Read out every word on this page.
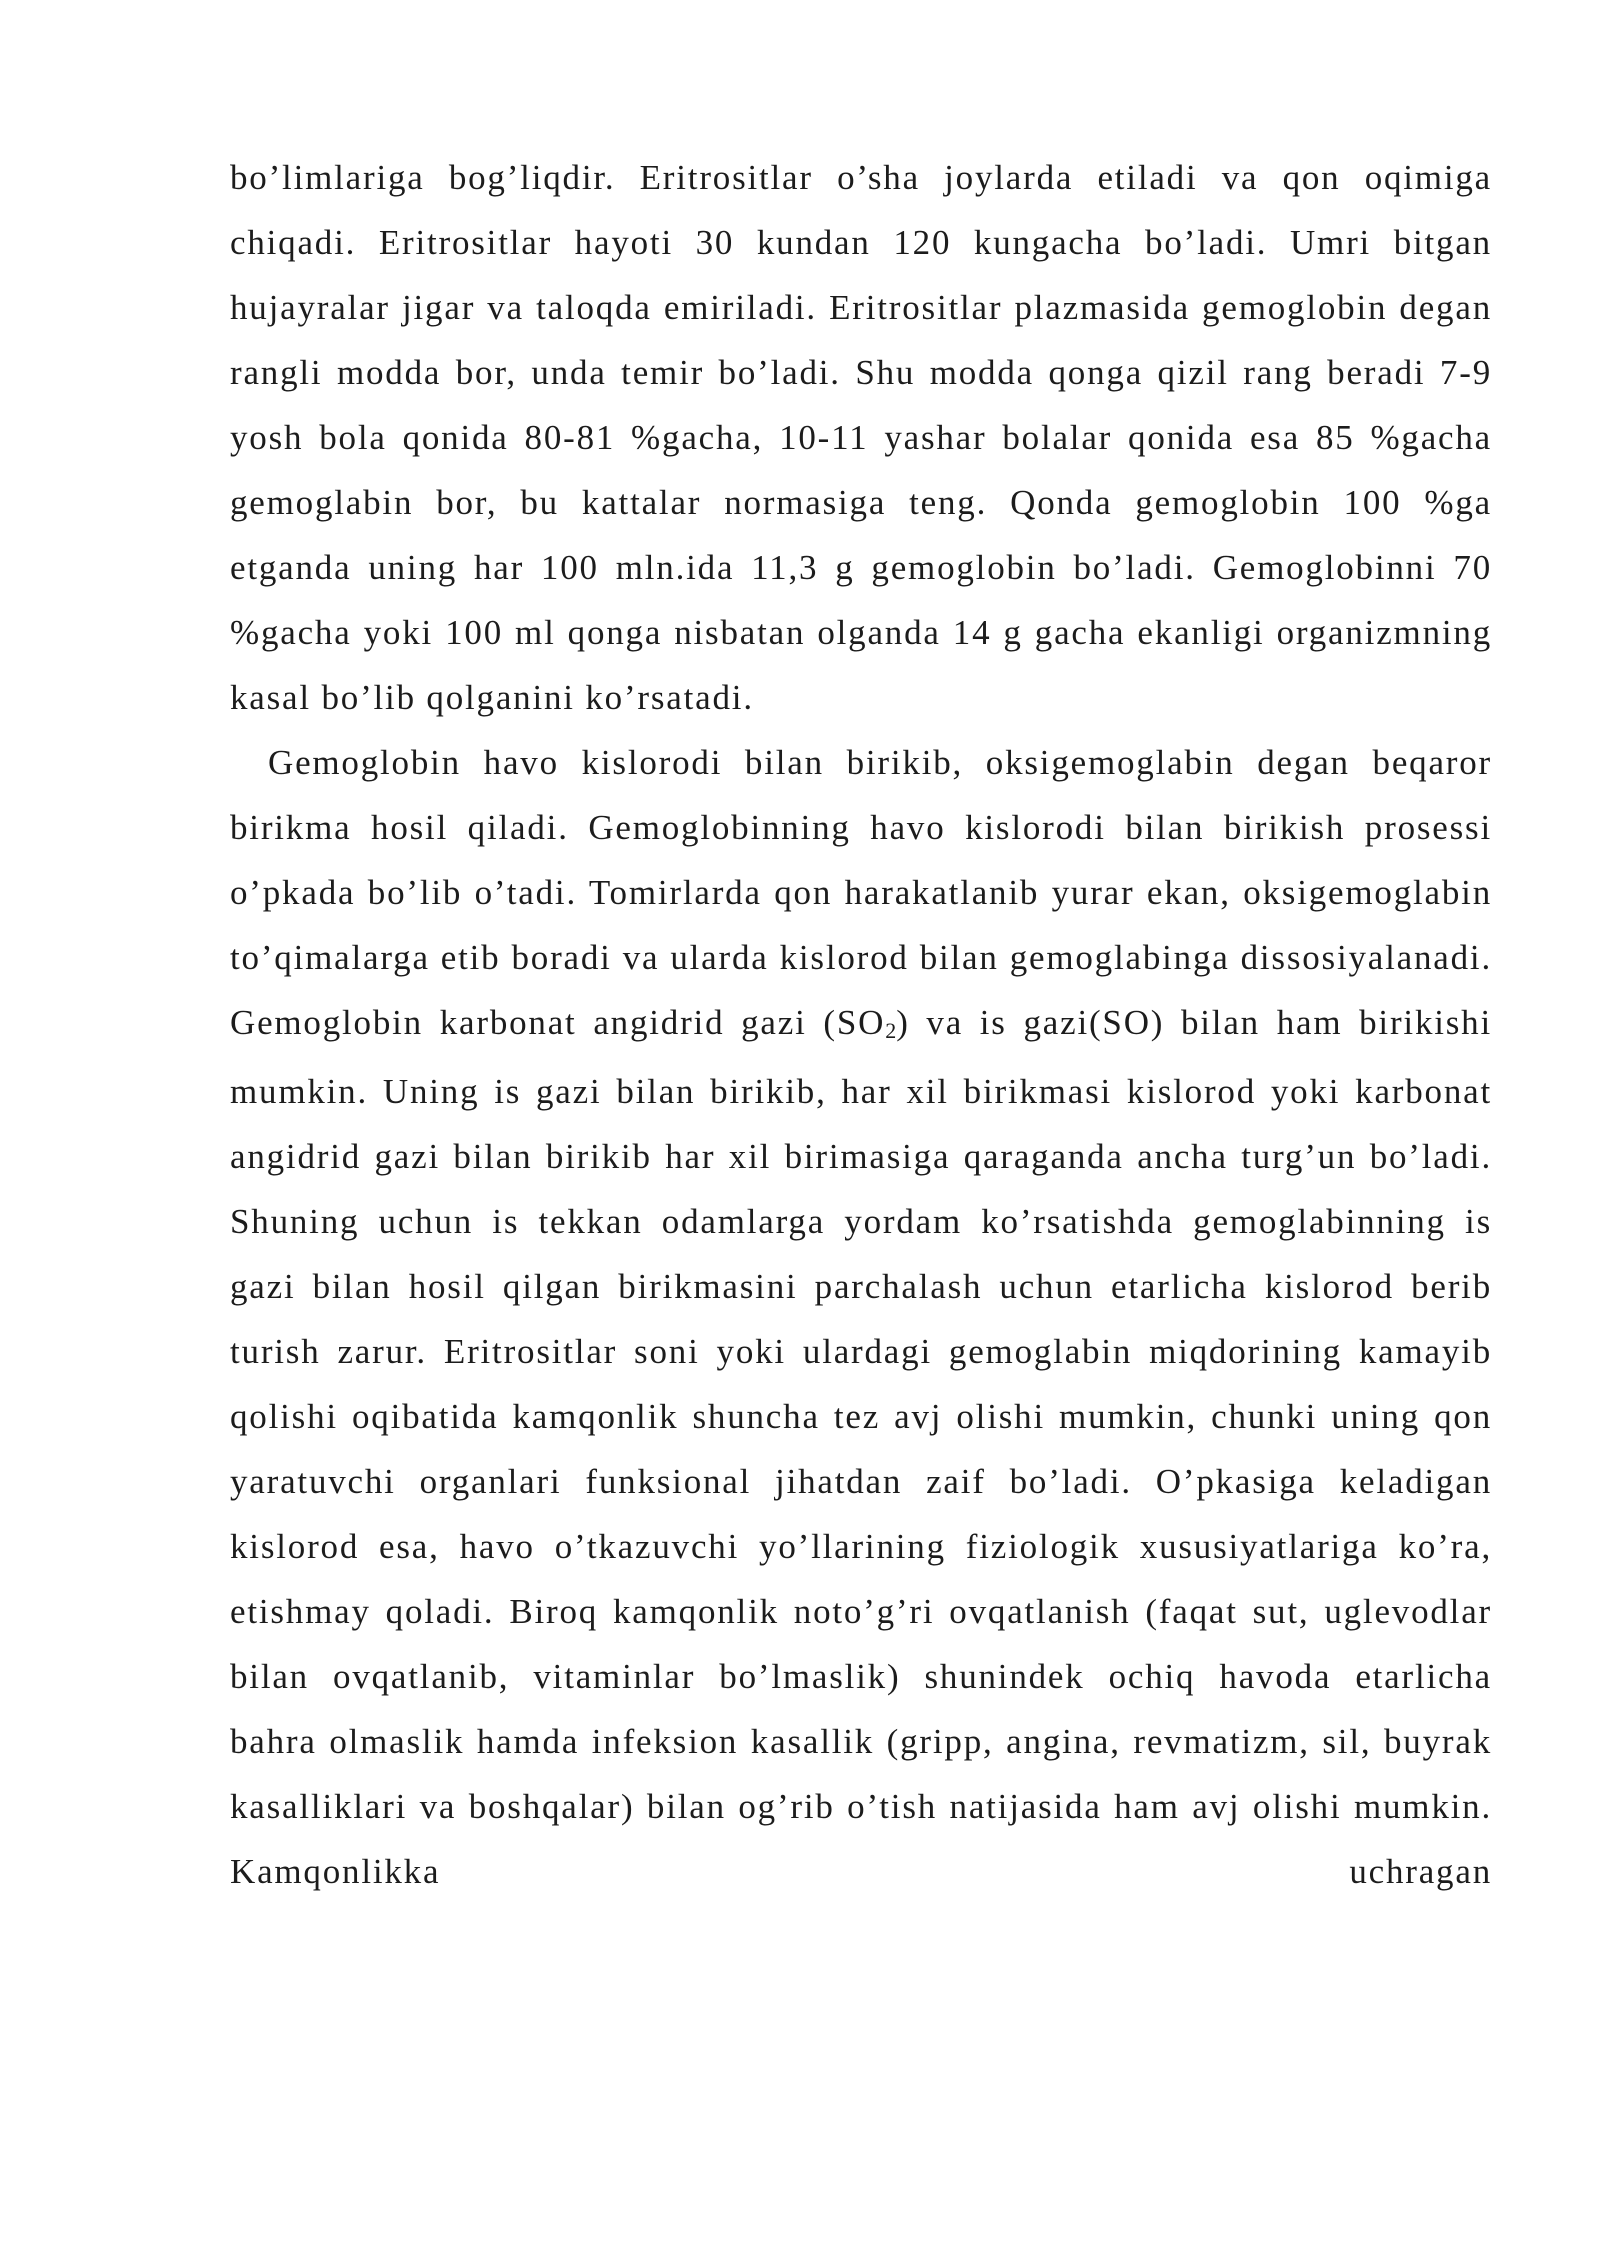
bo’limlariga bog’liqdir. Eritrositlar o’sha joylarda etiladi va qon oqimiga chiqadi. Eritrositlar hayoti 30 kundan 120 kungacha bo’ladi. Umri bitgan hujayralar jigar va taloqda emiriladi. Eritrositlar plazmasida gemoglobin degan rangli modda bor, unda temir bo’ladi. Shu modda qonga qizil rang beradi 7-9 yosh bola qonida 80-81 %gacha, 10-11 yashar bolalar qonida esa 85 %gacha gemoglabin bor, bu kattalar normasiga teng. Qonda gemoglobin 100 %ga etganda uning har 100 mln.ida 11,3 g gemoglobin bo’ladi. Gemoglobinni 70 %gacha yoki 100 ml qonga nisbatan olganda 14 g gacha ekanligi organizmning kasal bo’lib qolganini ko’rsatadi.

Gemoglobin havo kislorodi bilan birikib, oksigemoglabin degan beqaror birikma hosil qiladi. Gemoglobinning havo kislorodi bilan birikish prosessi o’pkada bo’lib o’tadi. Tomirlarda qon harakatlanib yurar ekan, oksigemoglabin to’qimalarga etib boradi va ularda kislorod bilan gemoglabinga dissosiyalanadi. Gemoglobin karbonat angidrid gazi $(SO_2)$ va is gazi(SO) bilan ham birikishi mumkin. Uning is gazi bilan birikib, har xil birikmasi kislorod yoki karbonat angidrid gazi bilan birikib har xil birimasiga qaraganda ancha turg’un bo’ladi. Shuning uchun is tekkan odamlarga yordam ko’rsatishda gemoglabinning is gazi bilan hosil qilgan birikmasini parchalash uchun etarlicha kislorod berib turish zarur. Eritrositlar soni yoki ulardagi gemoglabin miqdorining kamayib qolishi oqibatida kamqonlik shuncha tez avj olishi mumkin, chunki uning qon yaratuvchi organlari funksional jihatdan zaif bo’ladi. O’pkasiga keladigan kislorod esa, havo o’tkazuvchi yo’llarining fiziologik xususiyatlariga ko’ra, etishmay qoladi. Biroq kamqonlik noto’g’ri ovqatlanish (faqat sut, uglevodlar bilan ovqatlanib, vitaminlar bo’lmaslik) shunindek ochiq havoda etarlicha bahra olmaslik hamda infeksion kasallik (gripp, angina, revmatizm, sil, buyrak kasalliklari va boshqalar) bilan og’rib o’tish natijasida ham avj olishi mumkin. Kamqonlikka uchragan
